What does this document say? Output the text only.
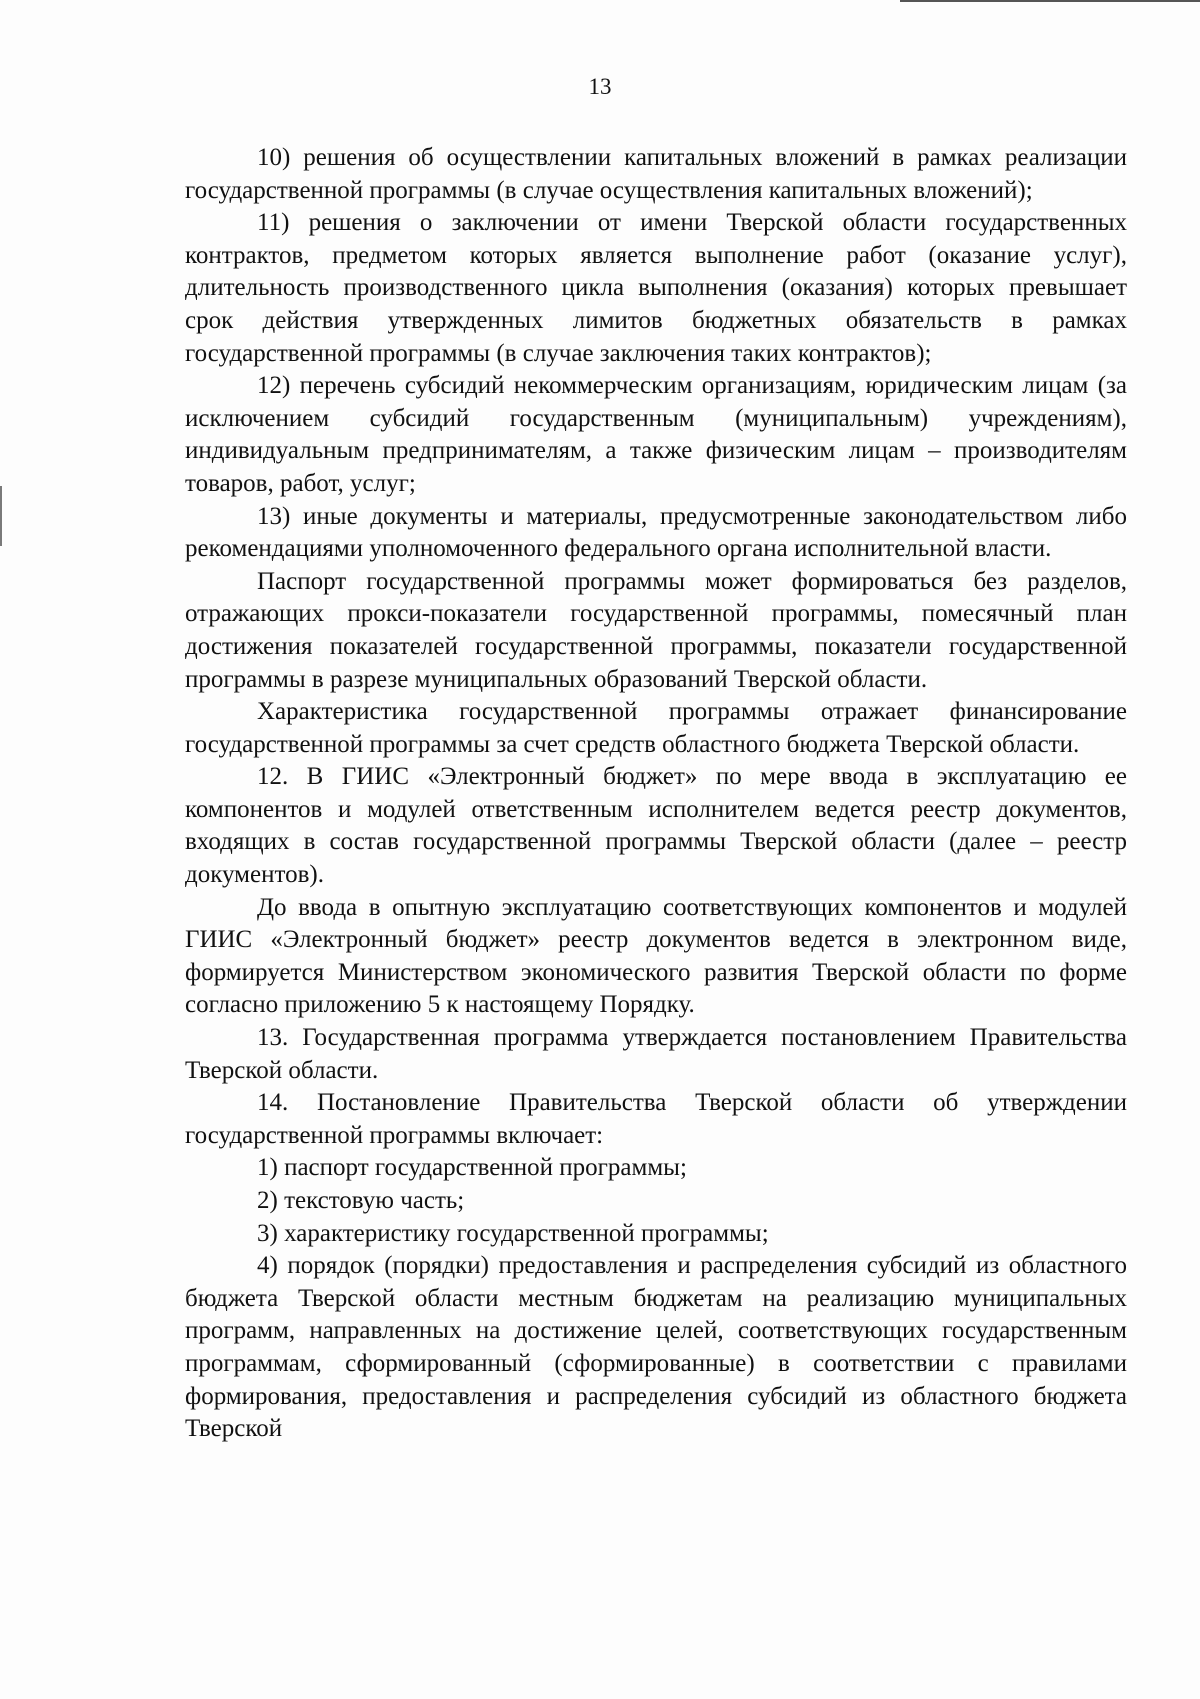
13

10) решения об осуществлении капитальных вложений в рамках реализации государственной программы (в случае осуществления капитальных вложений);

11) решения о заключении от имени Тверской области государственных контрактов, предметом которых является выполнение работ (оказание услуг), длительность производственного цикла выполнения (оказания) которых превышает срок действия утвержденных лимитов бюджетных обязательств в рамках государственной программы (в случае заключения таких контрактов);

12) перечень субсидий некоммерческим организациям, юридическим лицам (за исключением субсидий государственным (муниципальным) учреждениям), индивидуальным предпринимателям, а также физическим лицам – производителям товаров, работ, услуг;

13) иные документы и материалы, предусмотренные законодательством либо рекомендациями уполномоченного федерального органа исполнительной власти.

Паспорт государственной программы может формироваться без разделов, отражающих прокси-показатели государственной программы, помесячный план достижения показателей государственной программы, показатели государственной программы в разрезе муниципальных образований Тверской области.

Характеристика государственной программы отражает финансирование государственной программы за счет средств областного бюджета Тверской области.

12. В ГИИС «Электронный бюджет» по мере ввода в эксплуатацию ее компонентов и модулей ответственным исполнителем ведется реестр документов, входящих в состав государственной программы Тверской области (далее – реестр документов).

До ввода в опытную эксплуатацию соответствующих компонентов и модулей ГИИС «Электронный бюджет» реестр документов ведется в электронном виде, формируется Министерством экономического развития Тверской области по форме согласно приложению 5 к настоящему Порядку.

13. Государственная программа утверждается постановлением Правительства Тверской области.

14. Постановление Правительства Тверской области об утверждении государственной программы включает:

1) паспорт государственной программы;

2) текстовую часть;

3) характеристику государственной программы;

4) порядок (порядки) предоставления и распределения субсидий из областного бюджета Тверской области местным бюджетам на реализацию муниципальных программ, направленных на достижение целей, соответствующих государственным программам, сформированный (сформированные) в соответствии с правилами формирования, предоставления и распределения субсидий из областного бюджета Тверской
